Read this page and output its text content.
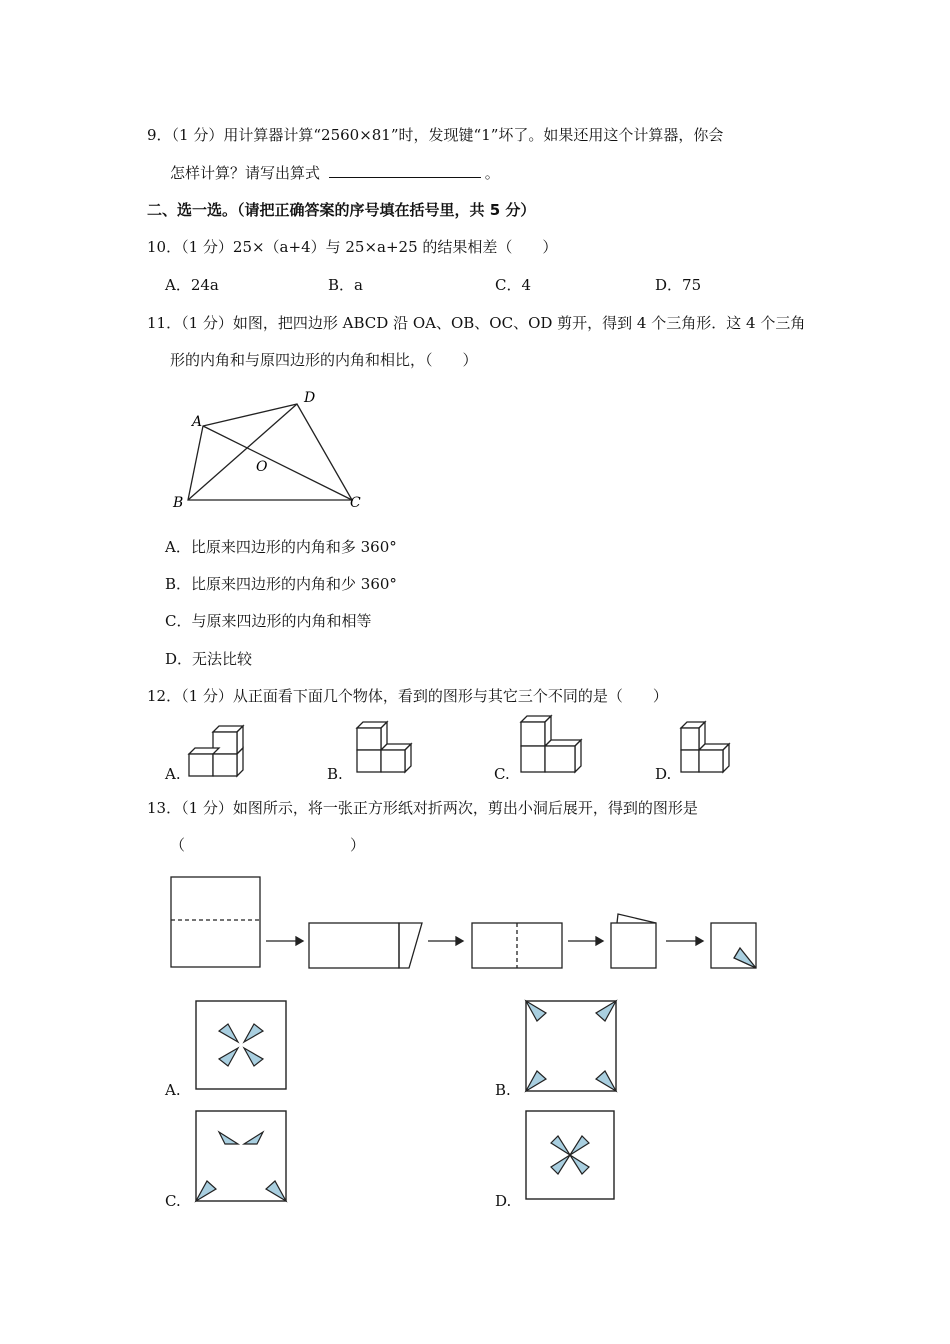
9．（1 分）用计算器计算“2560×81”时，发现键“1”坏了。如果还用这个计算器，你会
怎样计算？请写出算式	。
二、选一选。（请把正确答案的序号填在括号里，共 5 分）
10．（1 分）25×（a+4）与 25×a+25 的结果相差（　　）
A．24a	B．a	C．4	D．75
11．（1 分）如图，把四边形 ABCD 沿 OA、OB、OC、OD 剪开，得到 4 个三角形．这 4 个三角
形的内角和与原四边形的内角和相比，（　　）
A
D
B	C
O
A．比原来四边形的内角和多 360°
B．比原来四边形的内角和少 360°
C．与原来四边形的内角和相等
D．无法比较
12．（1 分）从正面看下面几个物体，看到的图形与其它三个不同的是（　　）
A.	B.	C.	D.
13．（1 分）如图所示，将一张正方形纸对折两次，剪出小洞后展开，得到的图形是
（　　　　　　　　　　　）
A.	B.
C.	D.
